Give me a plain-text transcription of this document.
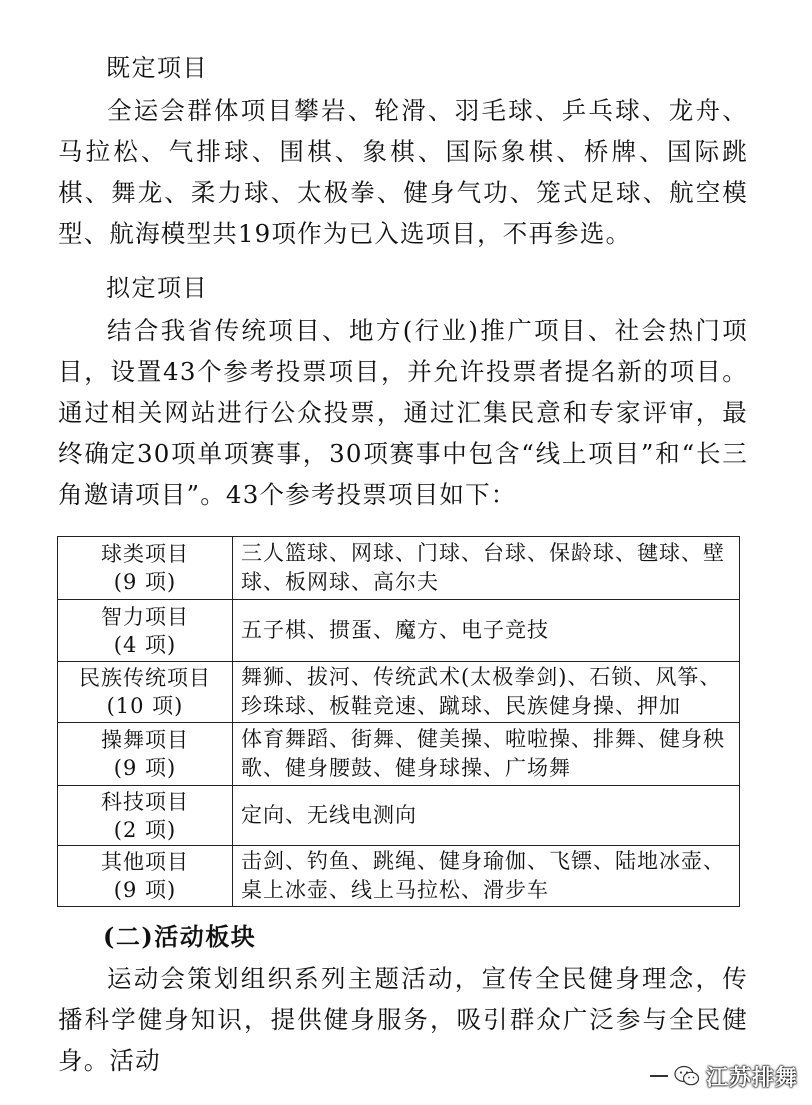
既定项目

全运会群体项目攀岩、轮滑、羽毛球、乒乓球、龙舟、马拉松、气排球、围棋、象棋、国际象棋、桥牌、国际跳棋、舞龙、柔力球、太极拳、健身气功、笼式足球、航空模型、航海模型共19项作为已入选项目，不再参选。

拟定项目

结合我省传统项目、地方(行业)推广项目、社会热门项目，设置43个参考投票项目，并允许投票者提名新的项目。通过相关网站进行公众投票，通过汇集民意和专家评审，最终确定30项单项赛事，30项赛事中包含“线上项目”和“长三角邀请项目”。43个参考投票项目如下：

球类项目
(9 项)	三人篮球、网球、门球、台球、保龄球、毽球、壁球、板网球、高尔夫
智力项目
(4 项)	五子棋、掼蛋、魔方、电子竞技
民族传统项目
(10 项)	舞狮、拔河、传统武术(太极拳剑)、石锁、风筝、珍珠球、板鞋竞速、蹴球、民族健身操、押加
操舞项目
(9 项)	体育舞蹈、街舞、健美操、啦啦操、排舞、健身秧歌、健身腰鼓、健身球操、广场舞
科技项目
(2 项)	定向、无线电测向
其他项目
(9 项)	击剑、钓鱼、跳绳、健身瑜伽、飞镖、陆地冰壶、桌上冰壶、线上马拉松、滑步车

(二)活动板块

运动会策划组织系列主题活动，宣传全民健身理念，传播科学健身知识，提供健身服务，吸引群众广泛参与全民健身。活动

江苏排舞
